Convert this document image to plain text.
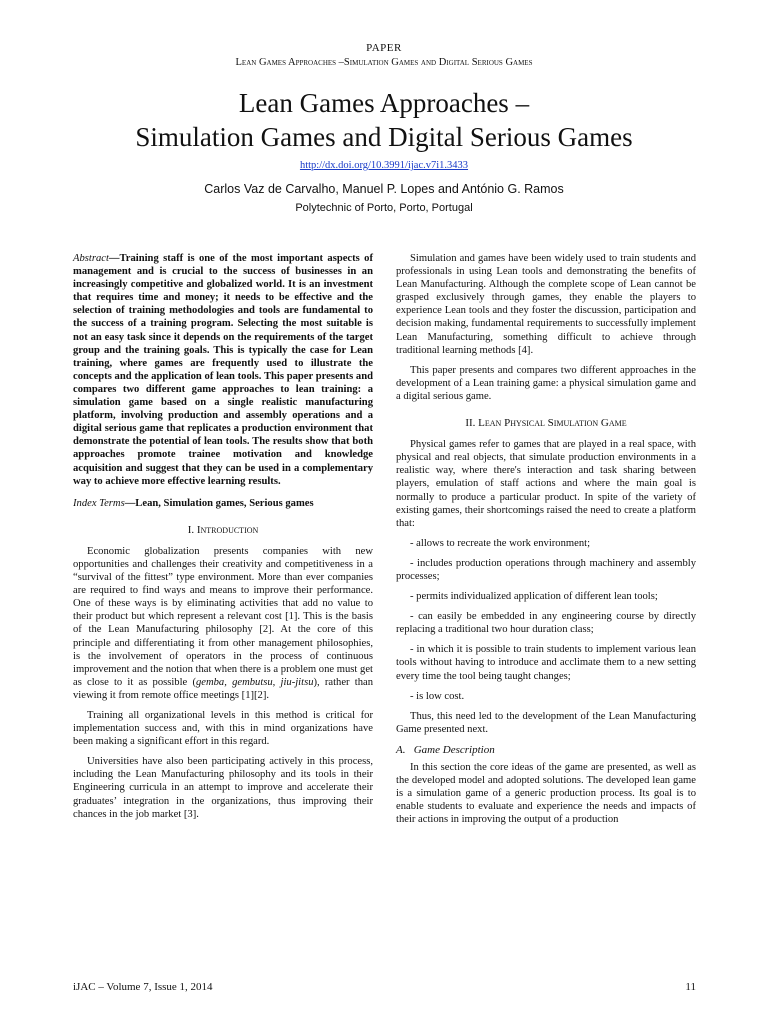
PAPER
Lean Games Approaches –Simulation Games and Digital Serious Games
Lean Games Approaches –
Simulation Games and Digital Serious Games
http://dx.doi.org/10.3991/ijac.v7i1.3433
Carlos Vaz de Carvalho, Manuel P. Lopes and António G. Ramos
Polytechnic of Porto, Porto, Portugal

Abstract—Training staff is one of the most important aspects of management and is crucial to the success of businesses in an increasingly competitive and globalized world. It is an investment that requires time and money; it needs to be effective and the selection of training methodologies and tools are fundamental to the success of a training program. Selecting the most suitable is not an easy task since it depends on the requirements of the target group and the training goals. This is typically the case for Lean training, where games are frequently used to illustrate the concepts and the application of lean tools. This paper presents and compares two different game approaches to lean training: a simulation game based on a single realistic manufacturing platform, involving production and assembly operations and a digital serious game that replicates a production environment that demonstrate the potential of lean tools. The results show that both approaches promote trainee motivation and knowledge acquisition and suggest that they can be used in a complementary way to achieve more effective learning results.

Index Terms—Lean, Simulation games, Serious games

I. Introduction

Economic globalization presents companies with new opportunities and challenges their creativity and competitiveness in a “survival of the fittest” type environment. More than ever companies are required to find ways and means to improve their performance. One of these ways is by eliminating activities that add no value to their product but which represent a relevant cost [1]. This is the basis of the Lean Manufacturing philosophy [2]. At the core of this principle and differentiating it from other management philosophies, is the involvement of operators in the process of continuous improvement and the notion that when there is a problem one must get as close to it as possible (gemba, gembutsu, jiu-jitsu), rather than viewing it from remote office meetings [1][2].

Training all organizational levels in this method is critical for implementation success and, with this in mind organizations have been making a significant effort in this regard.

Universities have also been participating actively in this process, including the Lean Manufacturing philosophy and its tools in their Engineering curricula in an attempt to improve and accelerate their graduates’ integration in the organizations, thus improving their chances in the job market [3].

Simulation and games have been widely used to train students and professionals in using Lean tools and demonstrating the benefits of Lean Manufacturing. Although the complete scope of Lean cannot be grasped exclusively through games, they enable the players to experience Lean tools and they foster the discussion, participation and decision making, fundamental requirements to successfully implement Lean Manufacturing, something difficult to achieve through traditional learning methods [4].

This paper presents and compares two different approaches in the development of a Lean training game: a physical simulation game and a digital serious game.

II. Lean Physical Simulation Game

Physical games refer to games that are played in a real space, with physical and real objects, that simulate production environments in a realistic way, where there's interaction and task sharing between players, emulation of staff actions and where the main goal is normally to produce a particular product. In spite of the variety of existing games, their shortcomings raised the need to create a platform that:

- allows to recreate the work environment;

- includes production operations through machinery and assembly processes;

- permits individualized application of different lean tools;

- can easily be embedded in any engineering course by directly replacing a traditional two hour duration class;

- in which it is possible to train students to implement various lean tools without having to introduce and acclimate them to a new setting every time the tool being taught changes;

- is low cost.

Thus, this need led to the development of the Lean Manufacturing Game presented next.

A. Game Description

In this section the core ideas of the game are presented, as well as the developed model and adopted solutions. The developed lean game is a simulation game of a generic production process. Its goal is to enable students to evaluate and experience the needs and impacts of their actions in improving the output of a production

iJAC – Volume 7, Issue 1, 2014	11
